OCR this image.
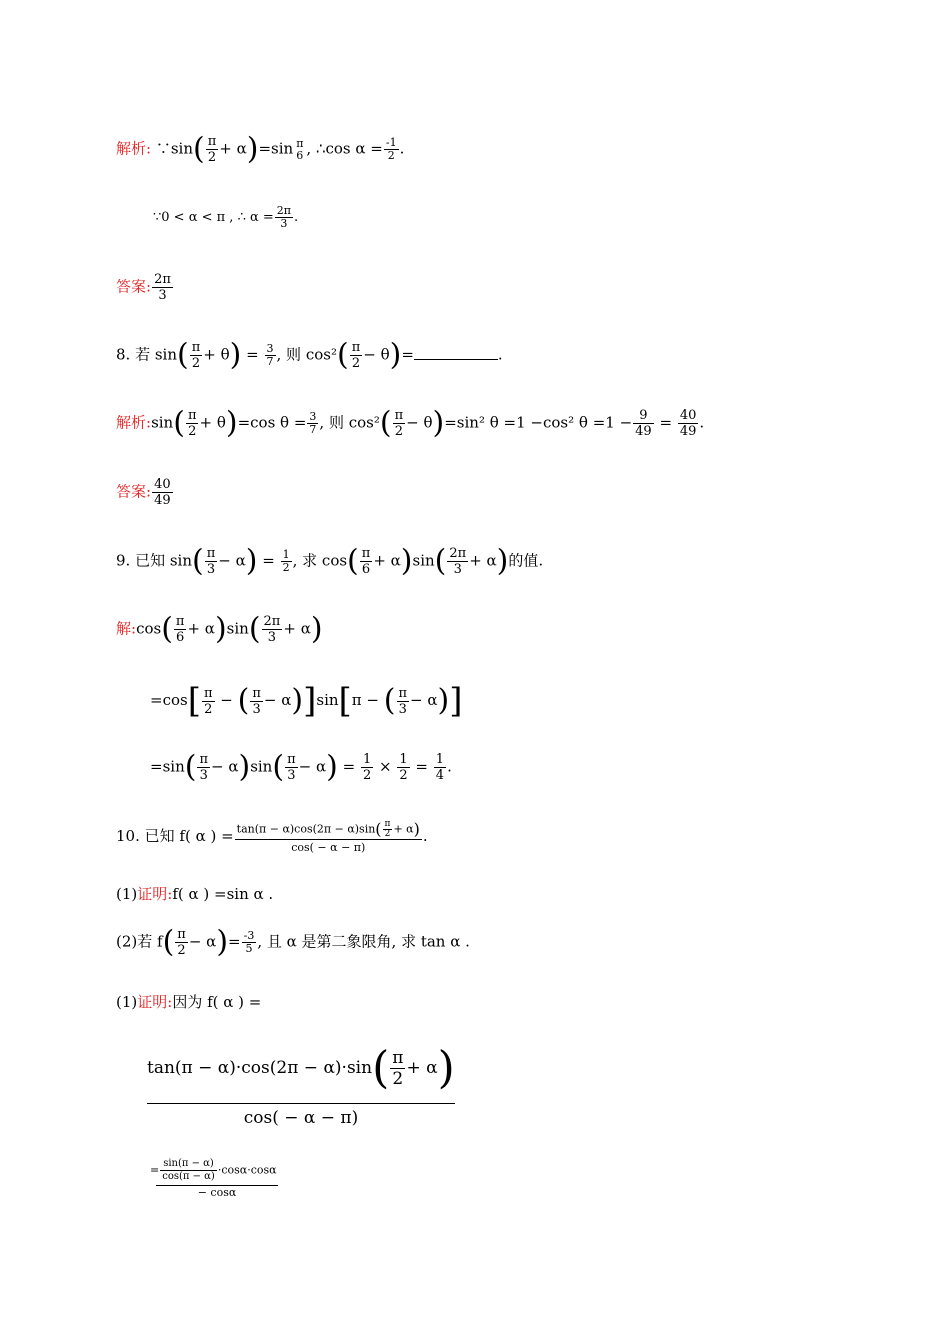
解析: ∵sin( $\frac{\pi}{2} + \alpha)=\sin$ π
6 , ∴cos $\alpha = \frac{-1}{2}$ .
∵0 < α < π , ∴ $\alpha = \frac{2\pi}{3}$ .
答案: $\frac{2\pi}{3}$
8. 若 $\sin( \frac{\pi}{2} + \theta) = \frac{3}{7}$ , 则 $\cos^2( \frac{\pi}{2} - \theta)=$	.
解析:sin( $\frac{\pi}{2} + \theta)=\cos$ $\theta = \frac{3}{7}$ , 则 $\cos^2( \frac{\pi}{2} - \theta)=\sin^2$ θ =1 −cos² $\theta =1 - \frac{9}{49} = \frac{40}{49}$ .
答案: $\frac{40}{49}$
9. 已知 $\sin( \frac{\pi}{3} - \alpha) = \frac{1}{2}$ , 求 $\cos( \frac{\pi}{6} + \alpha)\sin( \frac{2\pi}{3} + \alpha)$的值.
解:cos( $\frac{\pi}{6} + \alpha)\sin( \frac{2\pi}{3} + \alpha)$
$=\cos[ \frac{\pi}{2}$ − ( $\frac{\pi}{3} - \alpha)]\sin[\pi$ − ( $\frac{\pi}{3} - \alpha$)]
$=\sin( \frac{\pi}{3} - \alpha)\sin( \frac{\pi}{3} - \alpha) = \frac{1}{2} \times \frac{1}{2} = \frac{1}{4}$ .
10. 已知 f( α ) = $\frac{\tan(\pi - \alpha)\cos(2\pi - \alpha)\sin( \frac{\pi}{2} + \alpha)}{\cos( - \alpha - \pi)}$ .
(1)证明:f( α ) =sin α .
(2)若 $f( \frac{\pi}{2} - \alpha)= \frac{-3}{5}$ , 且 α 是第二象限角, 求 tan α .
(1)证明:因为 f( α ) =
$\tan(\pi - \alpha)\cdot\cos(2\pi - \alpha)\cdot\sin( \frac{\pi}{2} + \alpha)$
cos( − α − π)
= $\frac{\sin(\pi - \alpha)}{\cos(\pi - \alpha)} \cdot\cos\alpha\cdot\cos\alpha$
− cosα
